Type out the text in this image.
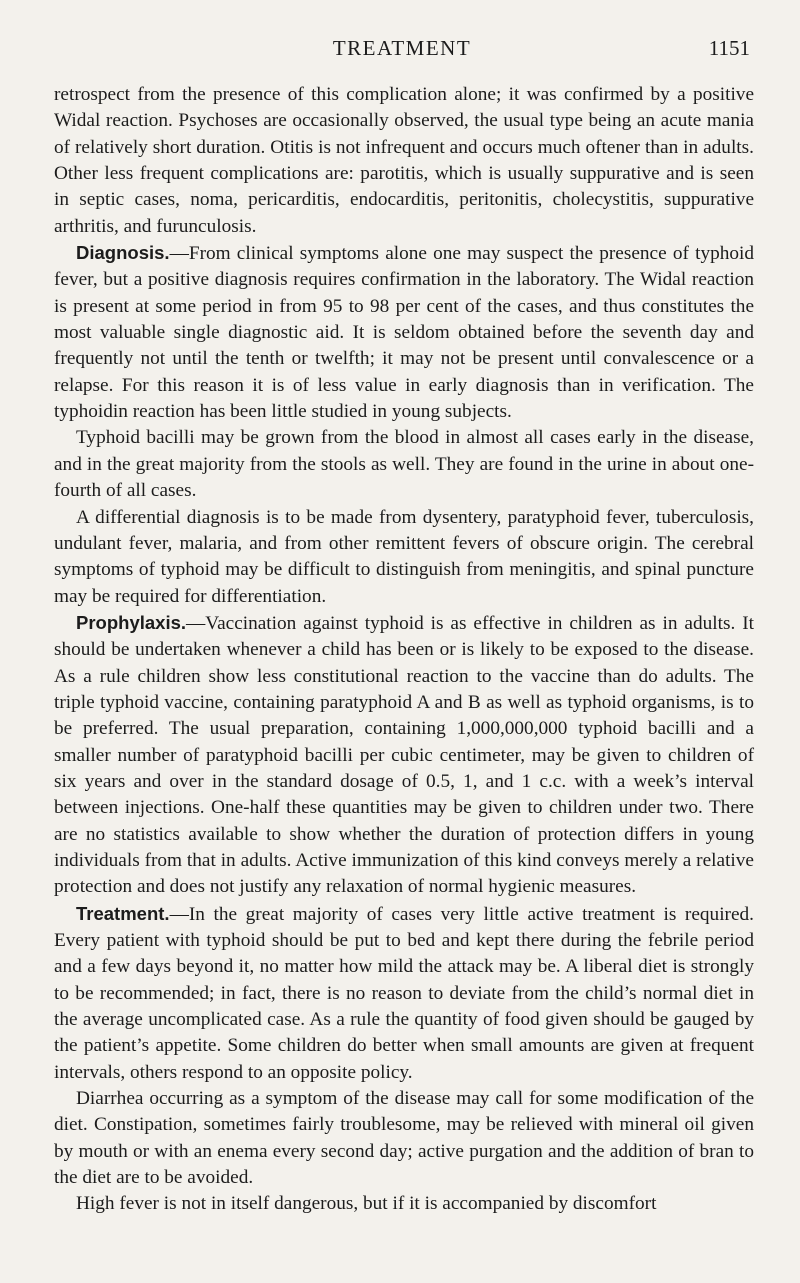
TREATMENT	1151

retrospect from the presence of this complication alone; it was confirmed by a positive Widal reaction. Psychoses are occasionally observed, the usual type being an acute mania of relatively short duration. Otitis is not infrequent and occurs much oftener than in adults. Other less frequent complications are: parotitis, which is usually suppurative and is seen in septic cases, noma, pericarditis, endocarditis, peritonitis, cholecystitis, suppurative arthritis, and furunculosis.

Diagnosis.—From clinical symptoms alone one may suspect the presence of typhoid fever, but a positive diagnosis requires confirmation in the laboratory. The Widal reaction is present at some period in from 95 to 98 per cent of the cases, and thus constitutes the most valuable single diagnostic aid. It is seldom obtained before the seventh day and frequently not until the tenth or twelfth; it may not be present until convalescence or a relapse. For this reason it is of less value in early diagnosis than in verification. The typhoidin reaction has been little studied in young subjects.

Typhoid bacilli may be grown from the blood in almost all cases early in the disease, and in the great majority from the stools as well. They are found in the urine in about one-fourth of all cases.

A differential diagnosis is to be made from dysentery, paratyphoid fever, tuberculosis, undulant fever, malaria, and from other remittent fevers of obscure origin. The cerebral symptoms of typhoid may be difficult to distinguish from meningitis, and spinal puncture may be required for differentiation.

Prophylaxis.—Vaccination against typhoid is as effective in children as in adults. It should be undertaken whenever a child has been or is likely to be exposed to the disease. As a rule children show less constitutional reaction to the vaccine than do adults. The triple typhoid vaccine, containing paratyphoid A and B as well as typhoid organisms, is to be preferred. The usual preparation, containing 1,000,000,000 typhoid bacilli and a smaller number of paratyphoid bacilli per cubic centimeter, may be given to children of six years and over in the standard dosage of 0.5, 1, and 1 c.c. with a week’s interval between injections. One-half these quantities may be given to children under two. There are no statistics available to show whether the duration of protection differs in young individuals from that in adults. Active immunization of this kind conveys merely a relative protection and does not justify any relaxation of normal hygienic measures.

Treatment.—In the great majority of cases very little active treatment is required. Every patient with typhoid should be put to bed and kept there during the febrile period and a few days beyond it, no matter how mild the attack may be. A liberal diet is strongly to be recommended; in fact, there is no reason to deviate from the child’s normal diet in the average uncomplicated case. As a rule the quantity of food given should be gauged by the patient’s appetite. Some children do better when small amounts are given at frequent intervals, others respond to an opposite policy.

Diarrhea occurring as a symptom of the disease may call for some modification of the diet. Constipation, sometimes fairly troublesome, may be relieved with mineral oil given by mouth or with an enema every second day; active purgation and the addition of bran to the diet are to be avoided.

High fever is not in itself dangerous, but if it is accompanied by discomfort
